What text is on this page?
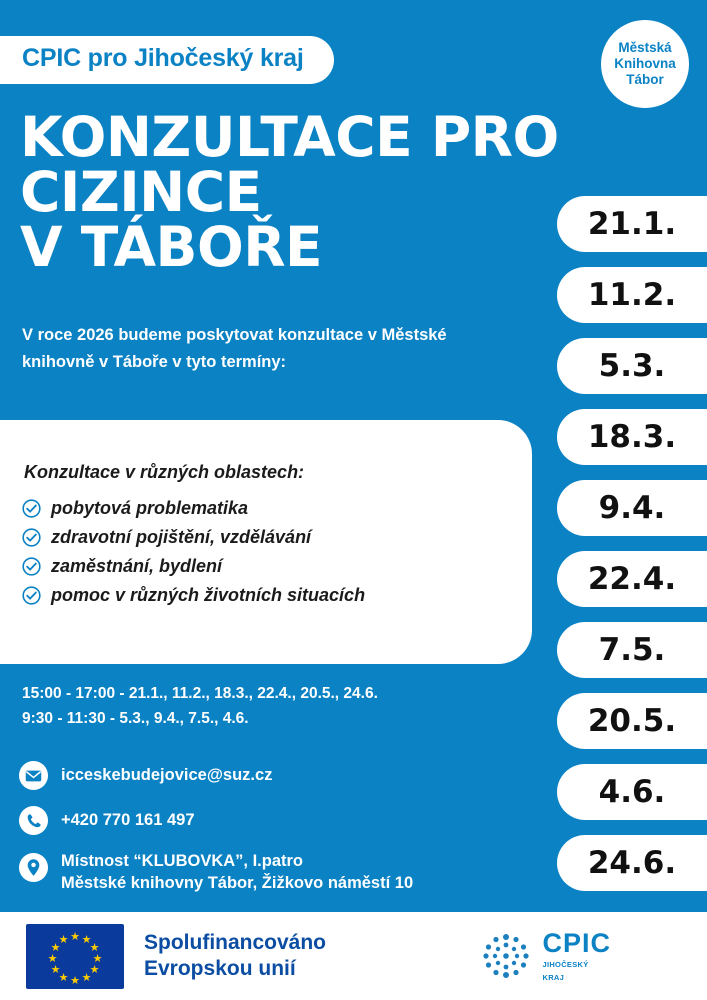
CPIC pro Jihočeský kraj	Městská
Knihovna
Tábor
KONZULTACE PRO CIZINCE
V TÁBOŘE
V roce 2026 budeme poskytovat konzultace v Městské knihovně v Táboře v tyto termíny:
Konzultace v různých oblastech:
pobytová problematika
zdravotní pojištění, vzdělávání
zaměstnání, bydlení
pomoc v různých životních situacích
15:00 - 17:00 - 21.1., 11.2., 18.3., 22.4., 20.5., 24.6.
9:30 - 11:30 - 5.3., 9.4., 7.5., 4.6.
icceskebudejovice@suz.cz
+420 770 161 497
Místnost “KLUBOVKA”, I.patro
Městské knihovny Tábor, Žižkovo náměstí 10
21.1.
11.2.
5.3.
18.3.
9.4.
22.4.
7.5.
20.5.
4.6.
24.6.
★ ★
★
★
★
★
★
★
★
★
★
★	Spolufinancováno
Evropskou unií
CPIC
JIHOČESKÝ
KRAJ
